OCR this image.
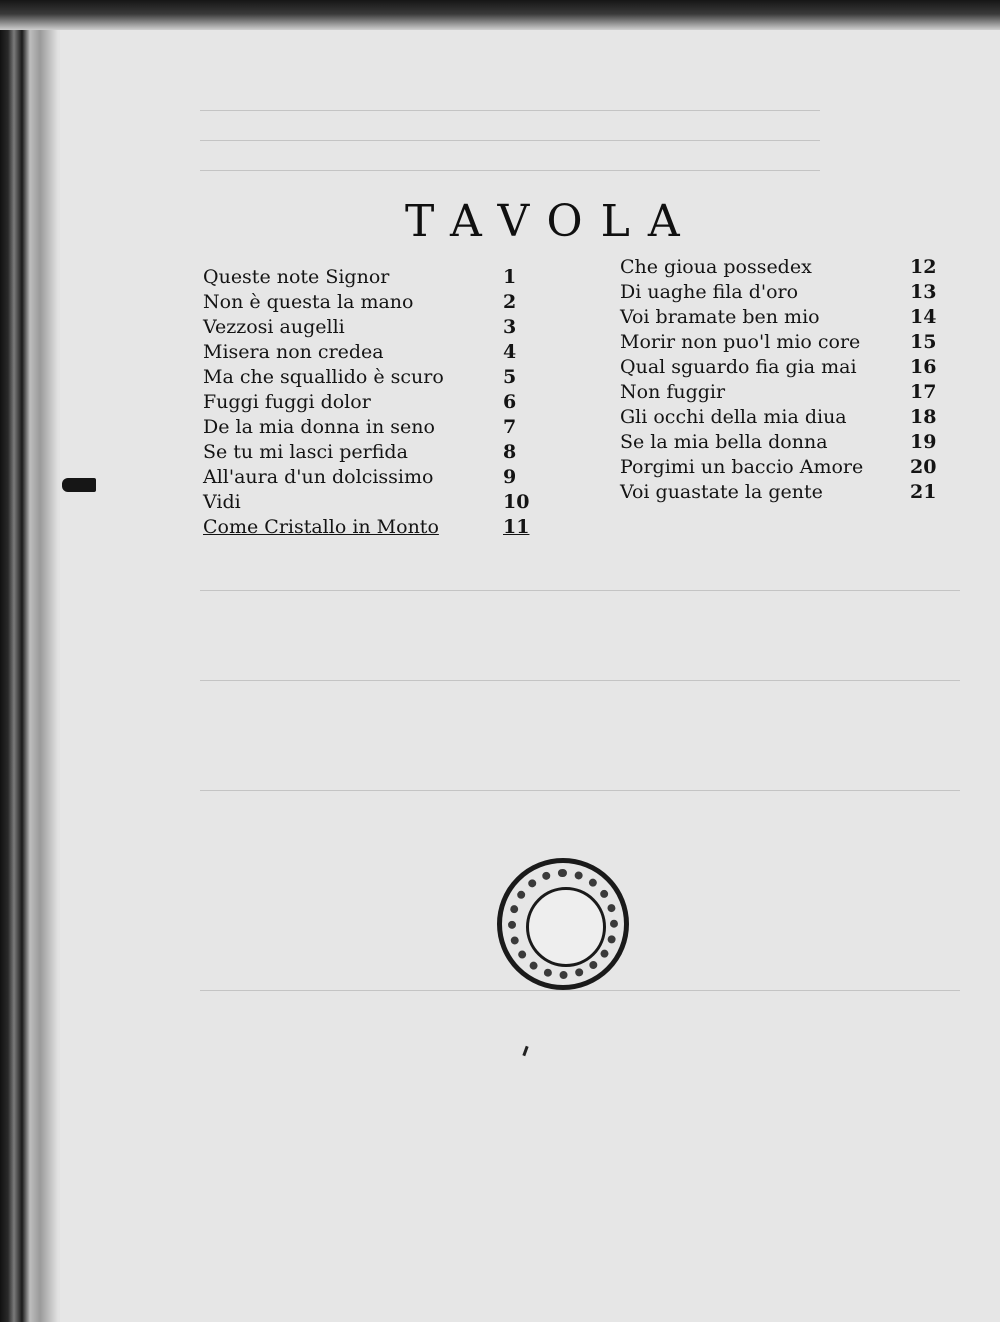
TAVOLA
Queste note Signor	1
Non è questa la mano	2
Vezzosi augelli	3
Misera non credea	4
Ma che squallido è scuro	5
Fuggi fuggi dolor	6
De la mia donna in seno	7
Se tu mi lasci perfida	8
All'aura d'un dolcissimo	9
Vidi	10
Come Cristallo in Monto	11
Che gioua possedex	12
Di uaghe fila d'oro	13
Voi bramate ben mio	14
Morir non puo'l mio core	15
Qual sguardo fia gia mai	16
Non fuggir	17
Gli occhi della mia diua	18
Se la mia bella donna	19
Porgimi un baccio Amore 20
Voi guastate la gente	21
